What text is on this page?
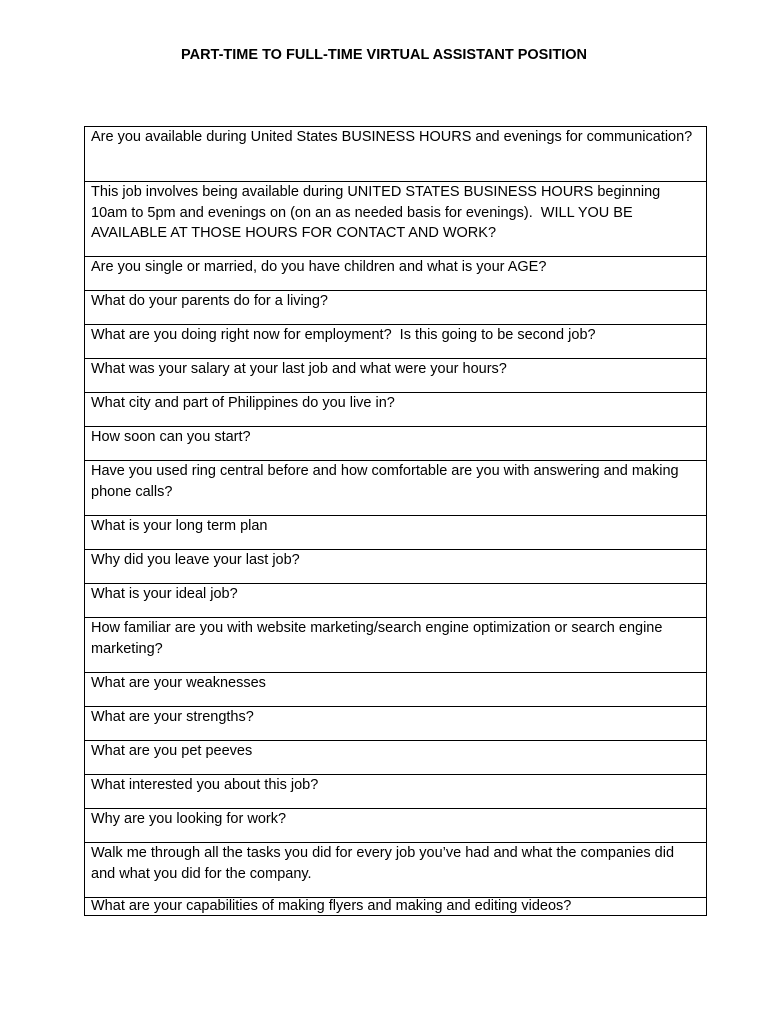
PART-TIME TO FULL-TIME VIRTUAL ASSISTANT POSITION
Are you available during United States BUSINESS HOURS and evenings for communication?
This job involves being available during UNITED STATES BUSINESS HOURS beginning 10am to 5pm and evenings on (on an as needed basis for evenings).  WILL YOU BE AVAILABLE AT THOSE HOURS FOR CONTACT AND WORK?
Are you single or married, do you have children and what is your AGE?
What do your parents do for a living?
What are you doing right now for employment?  Is this going to be second job?
What was your salary at your last job and what were your hours?
What city and part of Philippines do you live in?
How soon can you start?
Have you used ring central before and how comfortable are you with answering and making phone calls?
What is your long term plan
Why did you leave your last job?
What is your ideal job?
How familiar are you with website marketing/search engine optimization or search engine marketing?
What are your weaknesses
What are your strengths?
What are you pet peeves
What interested you about this job?
Why are you looking for work?
Walk me through all the tasks you did for every job you’ve had and what the companies did and what you did for the company.
What are your capabilities of making flyers and making and editing videos?
